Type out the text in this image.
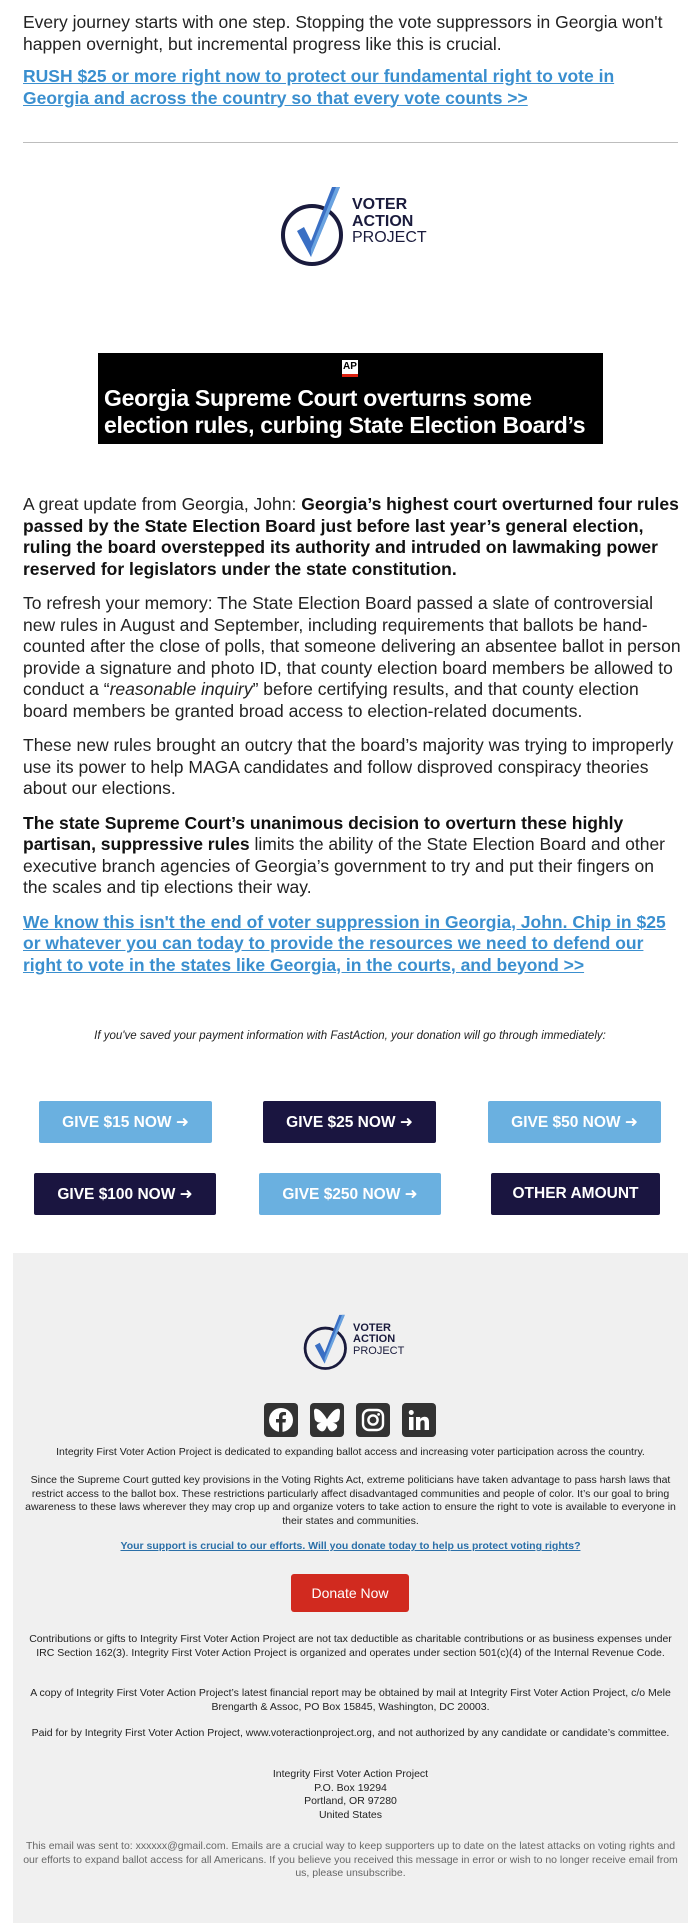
Every journey starts with one step. Stopping the vote suppressors in Georgia won't happen overnight, but incremental progress like this is crucial.

RUSH $25 or more right now to protect our fundamental right to vote in Georgia and across the country so that every vote counts >>
VOTER
ACTION
PROJECT
AP
Georgia Supreme Court overturns some election rules, curbing State Election Board’s power

A great update from Georgia, John: Georgia’s highest court overturned four rules passed by the State Election Board just before last year’s general election, ruling the board overstepped its authority and intruded on lawmaking power reserved for legislators under the state constitution.

To refresh your memory: The State Election Board passed a slate of controversial new rules in August and September, including requirements that ballots be hand-counted after the close of polls, that someone delivering an absentee ballot in person provide a signature and photo ID, that county election board members be allowed to conduct a “reasonable inquiry” before certifying results, and that county election board members be granted broad access to election-related documents.

These new rules brought an outcry that the board’s majority was trying to improperly use its power to help MAGA candidates and follow disproved conspiracy theories about our elections.

The state Supreme Court’s unanimous decision to overturn these highly partisan, suppressive rules limits the ability of the State Election Board and other executive branch agencies of Georgia’s government to try and put their fingers on the scales and tip elections their way.

We know this isn't the end of voter suppression in Georgia, John. Chip in $25 or whatever you can today to provide the resources we need to defend our right to vote in the states like Georgia, in the courts, and beyond >>
If you've saved your payment information with FastAction, your donation will go through immediately:
GIVE $15 NOW ➜	GIVE $25 NOW ➜	GIVE $50 NOW ➜
GIVE $100 NOW ➜	GIVE $250 NOW ➜	OTHER AMOUNT
VOTER
ACTION
PROJECT
Integrity First Voter Action Project is dedicated to expanding ballot access and increasing voter participation across the country.
Since the Supreme Court gutted key provisions in the Voting Rights Act, extreme politicians have taken advantage to pass harsh laws that restrict access to the ballot box. These restrictions particularly affect disadvantaged communities and people of color. It’s our goal to bring awareness to these laws wherever they may crop up and organize voters to take action to ensure the right to vote is available to everyone in their states and communities.
Your support is crucial to our efforts. Will you donate today to help us protect voting rights?
Donate Now
Contributions or gifts to Integrity First Voter Action Project are not tax deductible as charitable contributions or as business expenses under IRC Section 162(3). Integrity First Voter Action Project is organized and operates under section 501(c)(4) of the Internal Revenue Code.
A copy of Integrity First Voter Action Project’s latest financial report may be obtained by mail at Integrity First Voter Action Project, c/o Mele Brengarth & Assoc, PO Box 15845, Washington, DC 20003.
Paid for by Integrity First Voter Action Project, www.voteractionproject.org, and not authorized by any candidate or candidate’s committee.
Integrity First Voter Action Project
P.O. Box 19294
Portland, OR 97280
United States
This email was sent to: xxxxxx@gmail.com. Emails are a crucial way to keep supporters up to date on the latest attacks on voting rights and our efforts to expand ballot access for all Americans. If you believe you received this message in error or wish to no longer receive email from us, please unsubscribe.
